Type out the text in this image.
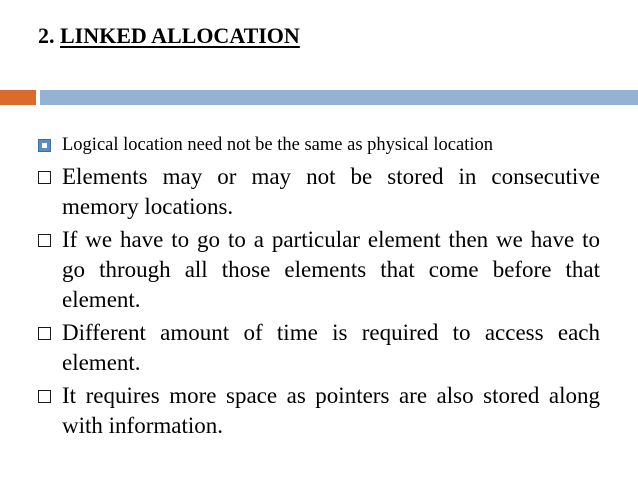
2. LINKED ALLOCATION
Logical location need not be the same as physical location
Elements may or may not be stored in consecutive memory locations.
If we have to go to a particular element then we have to go through all those elements that come before that element.
Different amount of time is required to access each element.
It requires more space as pointers are also stored along with information.
